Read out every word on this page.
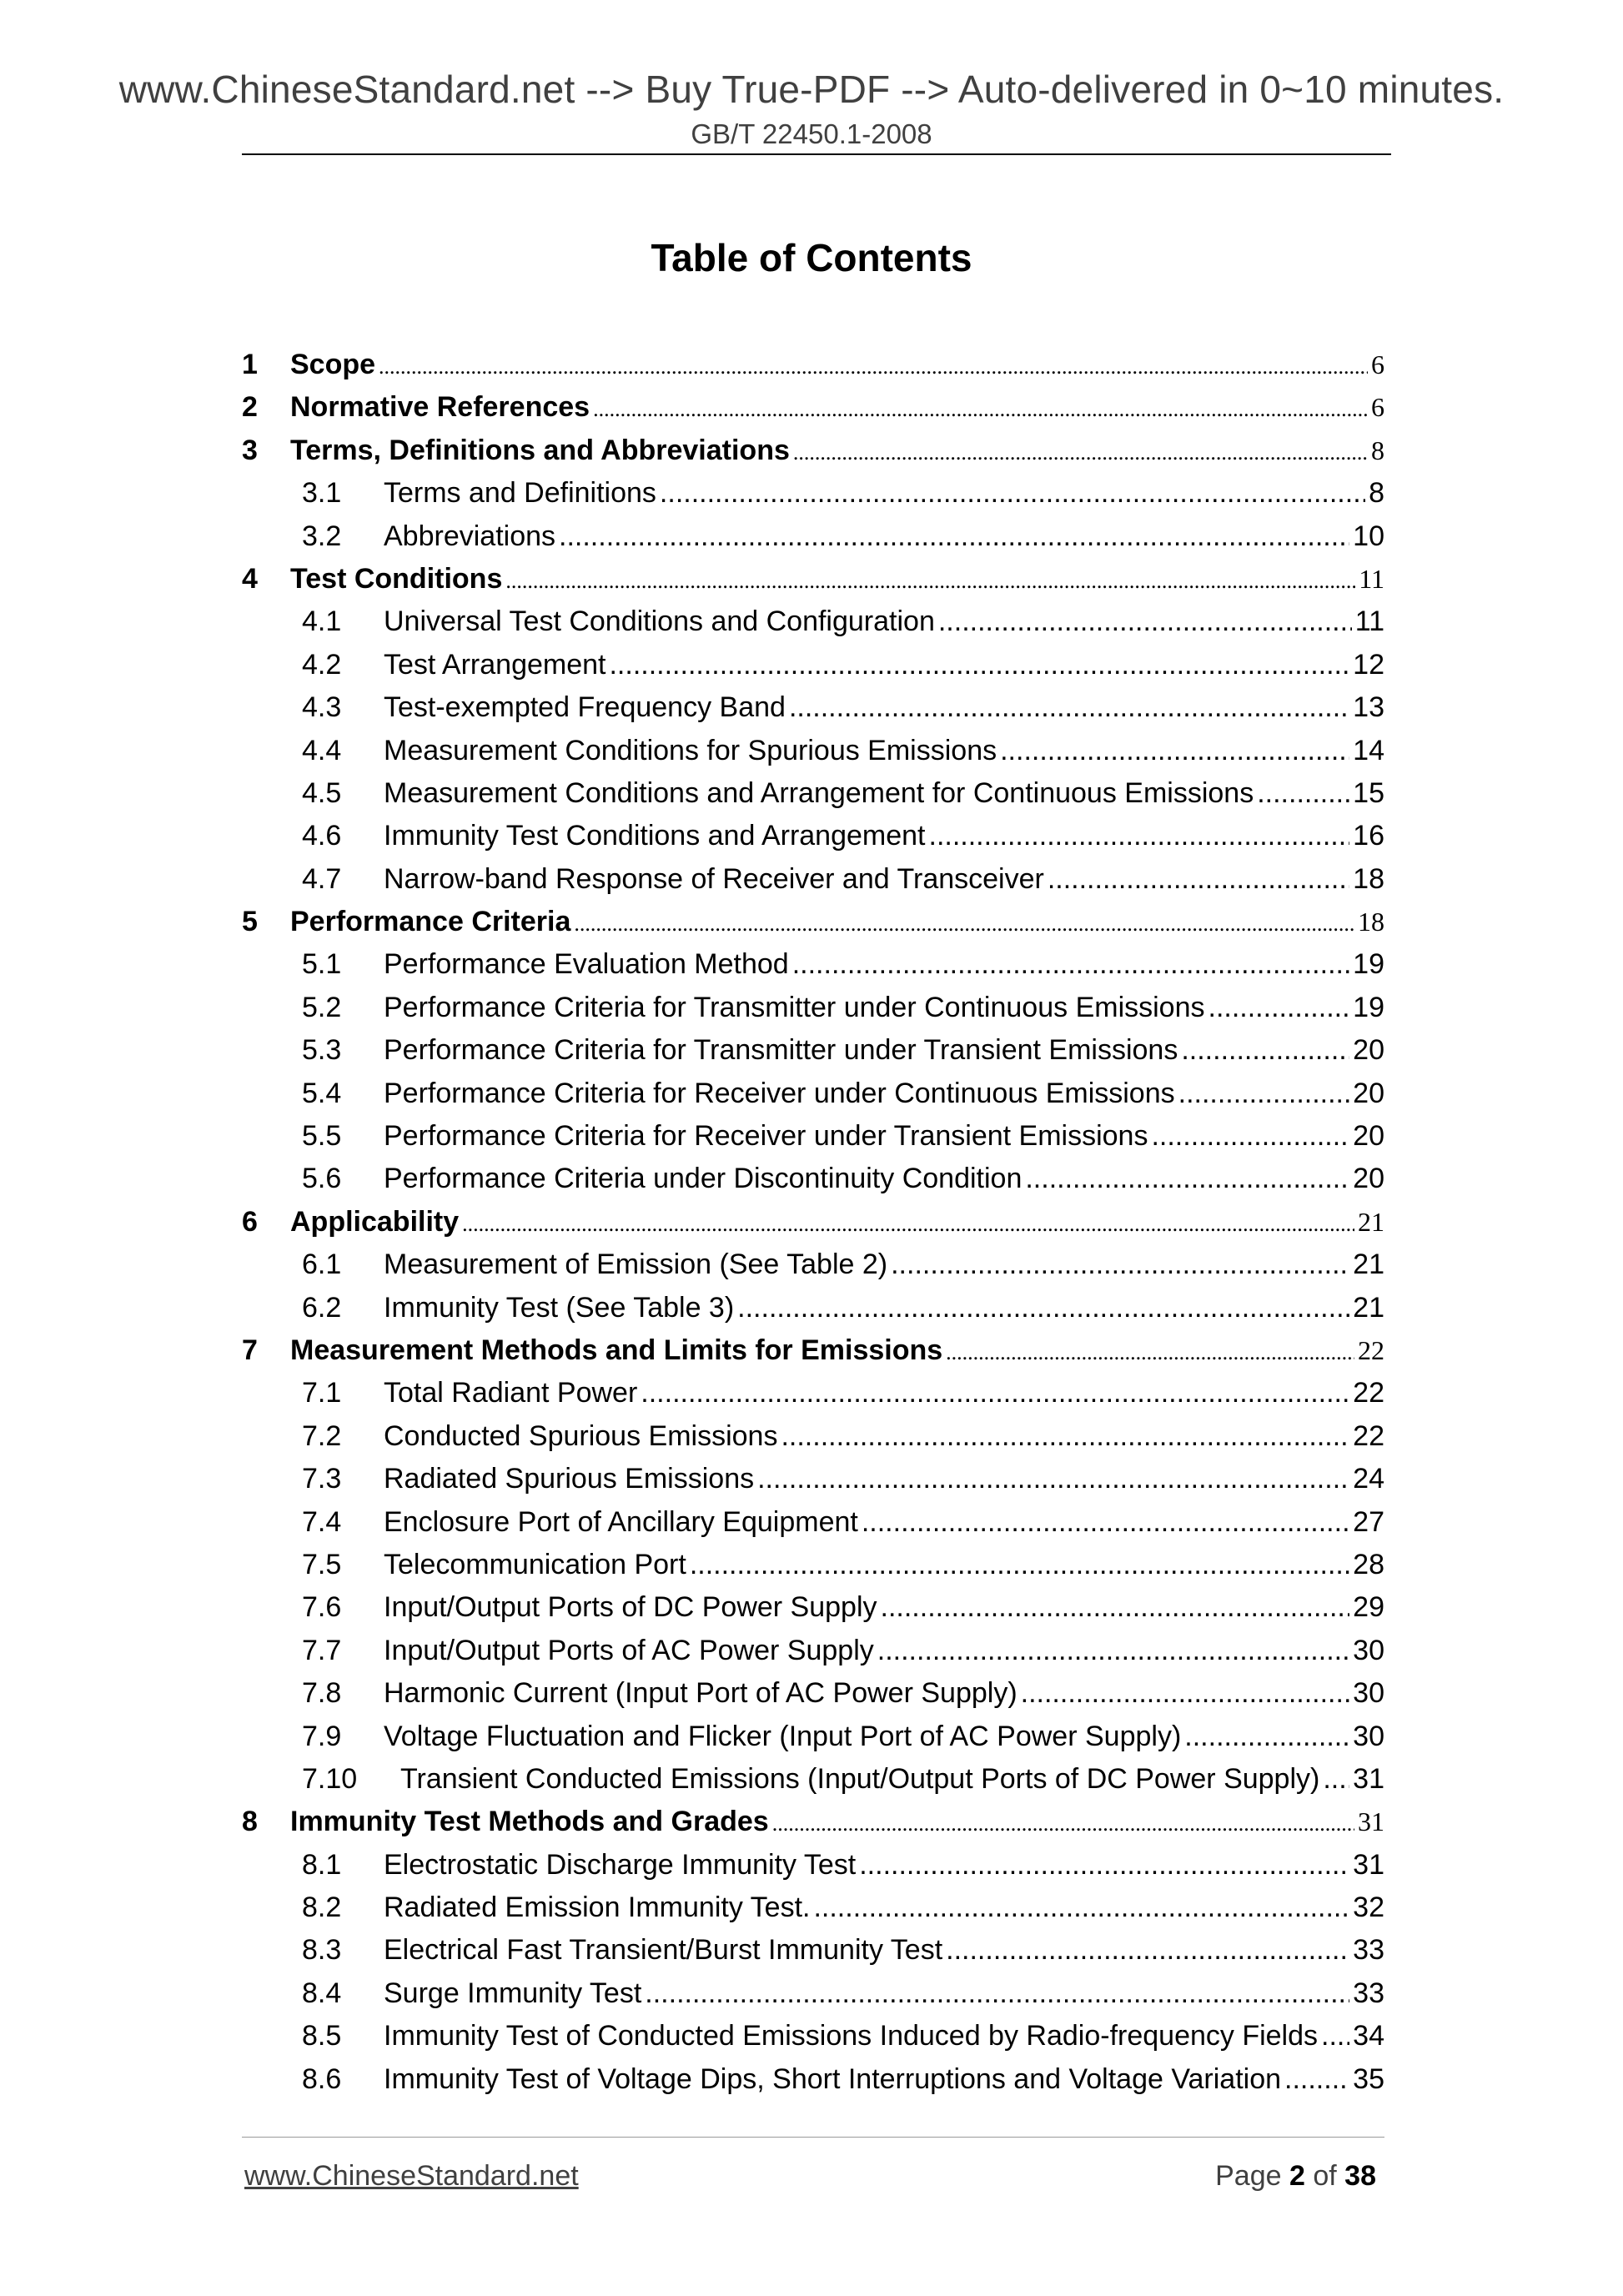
www.ChineseStandard.net --> Buy True-PDF --> Auto-delivered in 0~10 minutes.
GB/T 22450.1-2008
Table of Contents
1	Scope .....	6
2	Normative References .....	6
3	Terms, Definitions and Abbreviations .....	8
3.1	Terms and Definitions .....	8
3.2	Abbreviations .....	10
4	Test Conditions .....	11
4.1	Universal Test Conditions and Configuration .....	11
4.2	Test Arrangement .....	12
4.3	Test-exempted Frequency Band .....	13
4.4	Measurement Conditions for Spurious Emissions .....	14
4.5	Measurement Conditions and Arrangement for Continuous Emissions .....	15
4.6	Immunity Test Conditions and Arrangement .....	16
4.7	Narrow-band Response of Receiver and Transceiver .....	18
5	Performance Criteria .....	18
5.1	Performance Evaluation Method .....	19
5.2	Performance Criteria for Transmitter under Continuous Emissions .....	19
5.3	Performance Criteria for Transmitter under Transient Emissions .....	20
5.4	Performance Criteria for Receiver under Continuous Emissions .....	20
5.5	Performance Criteria for Receiver under Transient Emissions .....	20
5.6	Performance Criteria under Discontinuity Condition .....	20
6	Applicability .....	21
6.1	Measurement of Emission (See Table 2) .....	21
6.2	Immunity Test (See Table 3) .....	21
7	Measurement Methods and Limits for Emissions .....	22
7.1	Total Radiant Power .....	22
7.2	Conducted Spurious Emissions .....	22
7.3	Radiated Spurious Emissions .....	24
7.4	Enclosure Port of Ancillary Equipment .....	27
7.5	Telecommunication Port .....	28
7.6	Input/Output Ports of DC Power Supply .....	29
7.7	Input/Output Ports of AC Power Supply .....	30
7.8	Harmonic Current (Input Port of AC Power Supply) .....	30
7.9	Voltage Fluctuation and Flicker (Input Port of AC Power Supply) .....	30
7.10	Transient Conducted Emissions (Input/Output Ports of DC Power Supply) ..... 31
8	Immunity Test Methods and Grades .....	31
8.1	Electrostatic Discharge Immunity Test .....	31
8.2	Radiated Emission Immunity Test. .....	32
8.3	Electrical Fast Transient/Burst Immunity Test .....	33
8.4	Surge Immunity Test .....	33
8.5	Immunity Test of Conducted Emissions Induced by Radio-frequency Fields ..... 34
8.6	Immunity Test of Voltage Dips, Short Interruptions and Voltage Variation .....	35
www.ChineseStandard.net	Page 2 of 38
